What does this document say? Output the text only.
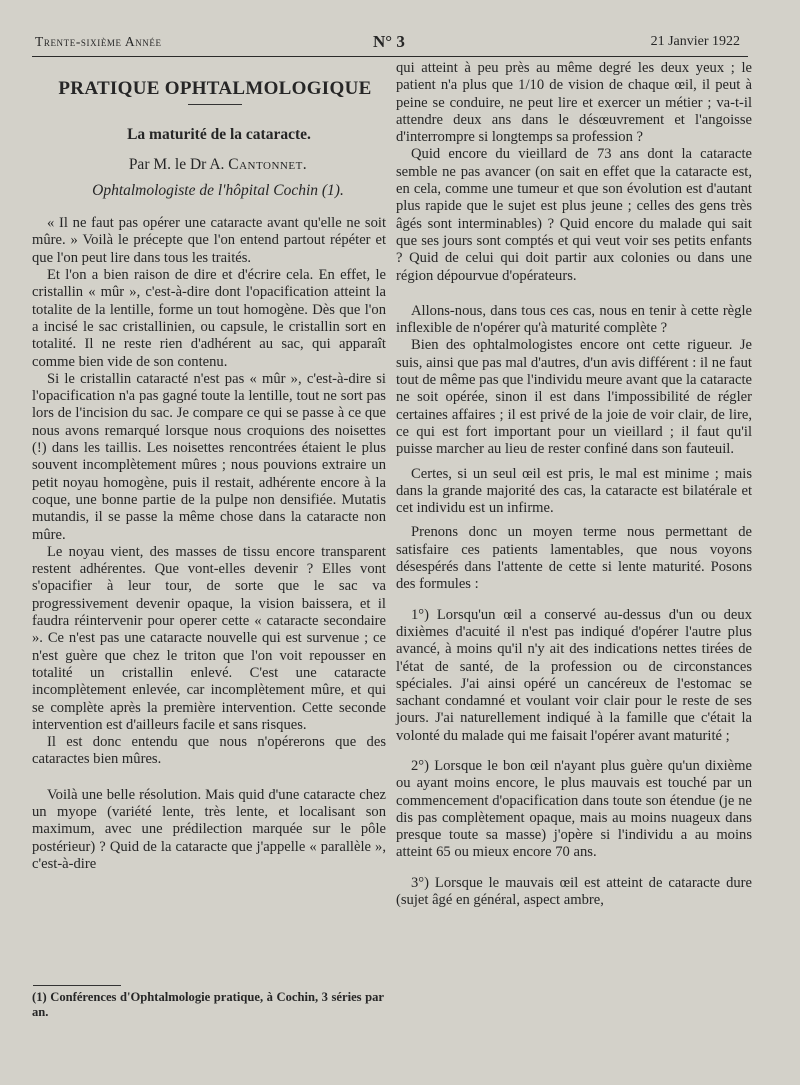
Trente-sixième Année	N° 3	21 Janvier 1922
PRATIQUE OPHTALMOLOGIQUE
La maturité de la cataracte.
Par M. le Dr A. Cantonnet.
Ophtalmologiste de l'hôpital Cochin (1).

« Il ne faut pas opérer une cataracte avant qu'elle ne soit mûre. » Voilà le précepte que l'on entend partout répéter et que l'on peut lire dans tous les traités.

Et l'on a bien raison de dire et d'écrire cela. En effet, le cristallin « mûr », c'est-à-dire dont l'opacification atteint la totalite de la lentille, forme un tout homogène. Dès que l'on a incisé le sac cristallinien, ou capsule, le cristallin sort en totalité. Il ne reste rien d'adhérent au sac, qui apparaît comme bien vide de son contenu.

Si le cristallin cataracté n'est pas « mûr », c'est-à-dire si l'opacification n'a pas gagné toute la lentille, tout ne sort pas lors de l'incision du sac. Je compare ce qui se passe à ce que nous avons remarqué lorsque nous croquions des noisettes (!) dans les taillis. Les noisettes rencontrées étaient le plus souvent incomplètement mûres ; nous pouvions extraire un petit noyau homogène, puis il restait, adhérente encore à la coque, une bonne partie de la pulpe non densifiée. Mutatis mutandis, il se passe la même chose dans la cataracte non mûre.

Le noyau vient, des masses de tissu encore transparent restent adhérentes. Que vont-elles devenir ? Elles vont s'opacifier à leur tour, de sorte que le sac va progressivement devenir opaque, la vision baissera, et il faudra réintervenir pour operer cette « cataracte secondaire ». Ce n'est pas une cataracte nouvelle qui est survenue ; ce n'est guère que chez le triton que l'on voit repousser en totalité un cristallin enlevé. C'est une cataracte incomplètement enlevée, car incomplètement mûre, et qui se complète après la première intervention. Cette seconde intervention est d'ailleurs facile et sans risques.

Il est donc entendu que nous n'opérerons que des cataractes bien mûres.

Voilà une belle résolution. Mais quid d'une cataracte chez un myope (variété lente, très lente, et localisant son maximum, avec une prédilection marquée sur le pôle postérieur) ? Quid de la cataracte que j'appelle « parallèle », c'est-à-dire

qui atteint à peu près au même degré les deux yeux ; le patient n'a plus que 1/10 de vision de chaque œil, il peut à peine se conduire, ne peut lire et exercer un métier ; va-t-il attendre deux ans dans le désœuvrement et l'angoisse d'interrompre si longtemps sa profession ?

Quid encore du vieillard de 73 ans dont la cataracte semble ne pas avancer (on sait en effet que la cataracte est, en cela, comme une tumeur et que son évolution est d'autant plus rapide que le sujet est plus jeune ; celles des gens très âgés sont interminables) ? Quid encore du malade qui sait que ses jours sont comptés et qui veut voir ses petits enfants ? Quid de celui qui doit partir aux colonies ou dans une région dépourvue d'opérateurs.

Allons-nous, dans tous ces cas, nous en tenir à cette règle inflexible de n'opérer qu'à maturité complète ?

Bien des ophtalmologistes encore ont cette rigueur. Je suis, ainsi que pas mal d'autres, d'un avis différent : il ne faut tout de même pas que l'individu meure avant que la cataracte ne soit opérée, sinon il est dans l'impossibilité de régler certaines affaires ; il est privé de la joie de voir clair, de lire, ce qui est fort important pour un vieillard ; il faut qu'il puisse marcher au lieu de rester confiné dans son fauteuil.

Certes, si un seul œil est pris, le mal est minime ; mais dans la grande majorité des cas, la cataracte est bilatérale et cet individu est un infirme.

Prenons donc un moyen terme nous permettant de satisfaire ces patients lamentables, que nous voyons désespérés dans l'attente de cette si lente maturité. Posons des formules :

1°) Lorsqu'un œil a conservé au-dessus d'un ou deux dixièmes d'acuité il n'est pas indiqué d'opérer l'autre plus avancé, à moins qu'il n'y ait des indications nettes tirées de l'état de santé, de la profession ou de circonstances spéciales. J'ai ainsi opéré un cancéreux de l'estomac se sachant condamné et voulant voir clair pour le reste de ses jours. J'ai naturellement indiqué à la famille que c'était la volonté du malade qui me faisait l'opérer avant maturité ;

2°) Lorsque le bon œil n'ayant plus guère qu'un dixième ou ayant moins encore, le plus mauvais est touché par un commencement d'opacification dans toute son étendue (je ne dis pas complètement opaque, mais au moins nuageux dans presque toute sa masse) j'opère si l'individu a au moins atteint 65 ou mieux encore 70 ans.

3°) Lorsque le mauvais œil est atteint de cataracte dure (sujet âgé en général, aspect ambre,

(1) Conférences d'Ophtalmologie pratique, à Cochin, 3 séries par an.
